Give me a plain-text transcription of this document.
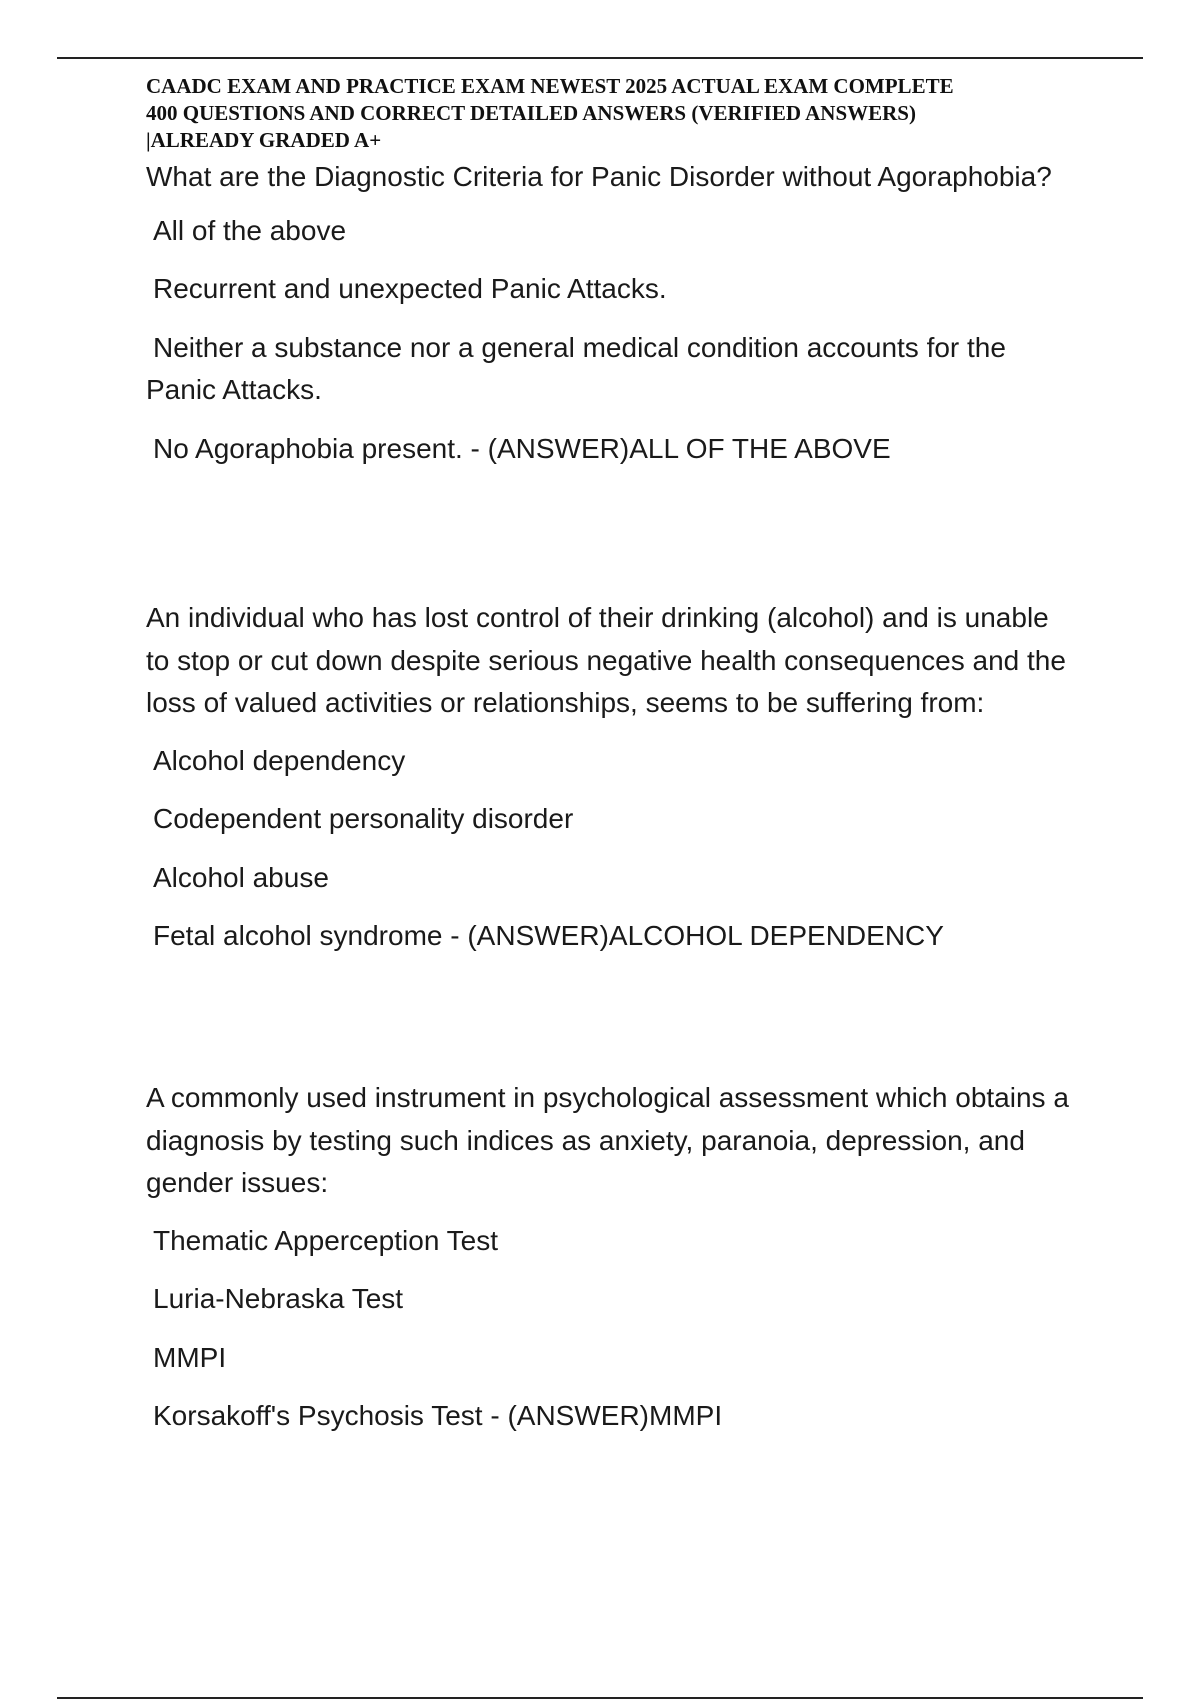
CAADC EXAM AND PRACTICE EXAM NEWEST 2025 ACTUAL EXAM COMPLETE
400 QUESTIONS AND CORRECT DETAILED ANSWERS (VERIFIED ANSWERS)
|ALREADY GRADED A+

What are the Diagnostic Criteria for Panic Disorder without Agoraphobia?

All of the above
Recurrent and unexpected Panic Attacks.
Neither a substance nor a general medical condition accounts for the Panic Attacks.
No Agoraphobia present. - (ANSWER)ALL OF THE ABOVE

An individual who has lost control of their drinking (alcohol) and is unable to stop or cut down despite serious negative health consequences and the loss of valued activities or relationships, seems to be suffering from:

Alcohol dependency
Codependent personality disorder
Alcohol abuse
Fetal alcohol syndrome - (ANSWER)ALCOHOL DEPENDENCY

A commonly used instrument in psychological assessment which obtains a diagnosis by testing such indices as anxiety, paranoia, depression, and gender issues:

Thematic Apperception Test
Luria-Nebraska Test
MMPI
Korsakoff's Psychosis Test - (ANSWER)MMPI
